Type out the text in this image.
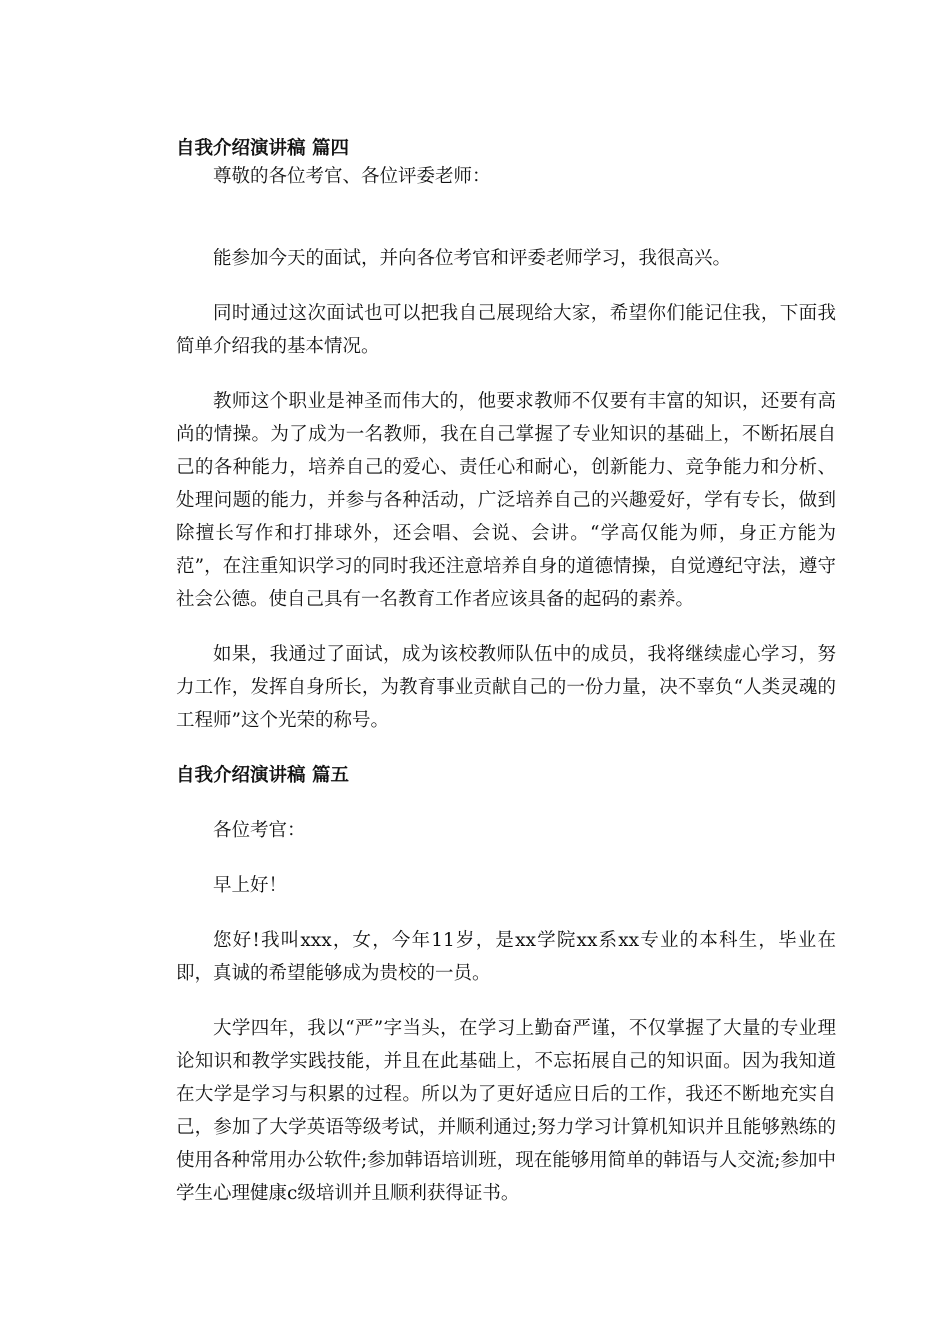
自我介绍演讲稿 篇四

尊敬的各位考官、各位评委老师：

能参加今天的面试，并向各位考官和评委老师学习，我很高兴。

同时通过这次面试也可以把我自己展现给大家，希望你们能记住我，下面我简单介绍我的基本情况。

教师这个职业是神圣而伟大的，他要求教师不仅要有丰富的知识，还要有高尚的情操。为了成为一名教师，我在自己掌握了专业知识的基础上，不断拓展自己的各种能力，培养自己的爱心、责任心和耐心，创新能力、竞争能力和分析、处理问题的能力，并参与各种活动，广泛培养自己的兴趣爱好，学有专长，做到除擅长写作和打排球外，还会唱、会说、会讲。“学高仅能为师，身正方能为范”，在注重知识学习的同时我还注意培养自身的道德情操，自觉遵纪守法，遵守社会公德。使自己具有一名教育工作者应该具备的起码的素养。

如果，我通过了面试，成为该校教师队伍中的成员，我将继续虚心学习，努力工作，发挥自身所长，为教育事业贡献自己的一份力量，决不辜负“人类灵魂的工程师”这个光荣的称号。

自我介绍演讲稿 篇五

各位考官：

早上好！

您好!我叫xxx，女，今年11岁，是xx学院xx系xx专业的本科生，毕业在即，真诚的希望能够成为贵校的一员。

大学四年，我以“严”字当头，在学习上勤奋严谨，不仅掌握了大量的专业理论知识和教学实践技能，并且在此基础上，不忘拓展自己的知识面。因为我知道在大学是学习与积累的过程。所以为了更好适应日后的工作，我还不断地充实自己，参加了大学英语等级考试，并顺利通过;努力学习计算机知识并且能够熟练的使用各种常用办公软件;参加韩语培训班，现在能够用简单的韩语与人交流;参加中学生心理健康c级培训并且顺利获得证书。
